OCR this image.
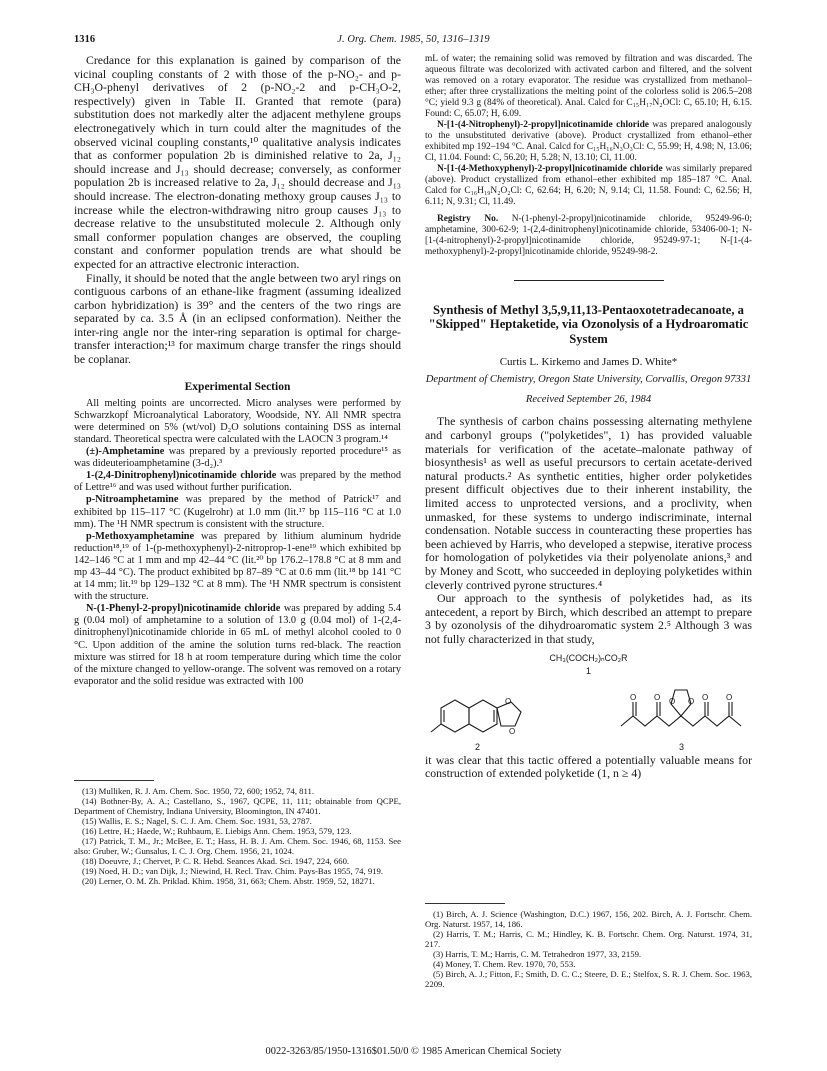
1316	J. Org. Chem. 1985, 50, 1316–1319

Credance for this explanation is gained by comparison of the vicinal coupling constants of 2 with those of the p-NO₂- and p-CH₃O-phenyl derivatives of 2 (p-NO₂-2 and p-CH₃O-2, respectively) given in Table II. Granted that remote (para) substitution does not markedly alter the adjacent methylene groups electronegatively which in turn could alter the magnitudes of the observed vicinal coupling constants,¹⁰ qualitative analysis indicates that as conformer population 2b is diminished relative to 2a, J₁₂ should increase and J₁₃ should decrease; conversely, as conformer population 2b is increased relative to 2a, J₁₂ should decrease and J₁₃ should increase. The electron-donating methoxy group causes J₁₃ to increase while the electron-withdrawing nitro group causes J₁₃ to decrease relative to the unsubstituted molecule 2. Although only small conformer population changes are observed, the coupling constant and conformer population trends are what should be expected for an attractive electronic interaction.

Finally, it should be noted that the angle between two aryl rings on contiguous carbons of an ethane-like fragment (assuming idealized carbon hybridization) is 39° and the centers of the two rings are separated by ca. 3.5 Å (in an eclipsed conformation). Neither the inter-ring angle nor the inter-ring separation is optimal for charge-transfer interaction;¹³ for maximum charge transfer the rings should be coplanar.

Experimental Section

All melting points are uncorrected. Micro analyses were performed by Schwarzkopf Microanalytical Laboratory, Woodside, NY. All NMR spectra were determined on 5% (wt/vol) D₂O solutions containing DSS as internal standard. Theoretical spectra were calculated with the LAOCN 3 program.¹⁴

(±)-Amphetamine was prepared by a previously reported procedure¹⁵ as was dideuterioamphetamine (3-d₂).³

1-(2,4-Dinitrophenyl)nicotinamide chloride was prepared by the method of Lettre¹⁶ and was used without further purification.

p-Nitroamphetamine was prepared by the method of Patrick¹⁷ and exhibited bp 115–117 °C (Kugelrohr) at 1.0 mm (lit.¹⁷ bp 115–116 °C at 1.0 mm). The ¹H NMR spectrum is consistent with the structure.

p-Methoxyamphetamine was prepared by lithium aluminum hydride reduction¹⁸,¹⁹ of 1-(p-methoxyphenyl)-2-nitroprop-1-ene¹⁹ which exhibited bp 142–146 °C at 1 mm and mp 42–44 °C (lit.²⁰ bp 176.2–178.8 °C at 8 mm and mp 43–44 °C). The product exhibited bp 87–89 °C at 0.6 mm (lit.¹⁸ bp 141 °C at 14 mm; lit.¹⁹ bp 129–132 °C at 8 mm). The ¹H NMR spectrum is consistent with the structure.

N-(1-Phenyl-2-propyl)nicotinamide chloride was prepared by adding 5.4 g (0.04 mol) of amphetamine to a solution of 13.0 g (0.04 mol) of 1-(2,4-dinitrophenyl)nicotinamide chloride in 65 mL of methyl alcohol cooled to 0 °C. Upon addition of the amine the solution turns red-black. The reaction mixture was stirred for 18 h at room temperature during which time the color of the mixture changed to yellow-orange. The solvent was removed on a rotary evaporator and the solid residue was extracted with 100

(13) Mulliken, R. J. Am. Chem. Soc. 1950, 72, 600; 1952, 74, 811.

(14) Bothner-By, A. A.; Castellano, S., 1967, QCPE, 11, 111; obtainable from QCPE, Department of Chemistry, Indiana University, Bloomington, IN 47401.

(15) Wallis, E. S.; Nagel, S. C. J. Am. Chem. Soc. 1931, 53, 2787.

(16) Lettre, H.; Haede, W.; Ruhbaum, E. Liebigs Ann. Chem. 1953, 579, 123.

(17) Patrick, T. M., Jr.; McBee, E. T.; Hass, H. B. J. Am. Chem. Soc. 1946, 68, 1153. See also: Gruber, W.; Gunsalus, I. C. J. Org. Chem. 1956, 21, 1024.

(18) Doeuvre, J.; Chervet, P. C. R. Hebd. Seances Akad. Sci. 1947, 224, 660.

(19) Noed, H. D.; van Dijk, J.; Niewind, H. Recl. Trav. Chim. Pays-Bas 1955, 74, 919.

(20) Lerner, O. M. Zh. Priklad. Khim. 1958, 31, 663; Chem. Abstr. 1959, 52, 18271.

mL of water; the remaining solid was removed by filtration and was discarded. The aqueous filtrate was decolorized with activated carbon and filtered, and the solvent was removed on a rotary evaporator. The residue was crystallized from methanol–ether; after three crystallizations the melting point of the colorless solid is 206.5–208 °C; yield 9.3 g (84% of theoretical). Anal. Calcd for C₁₅H₁₇N₂OCl: C, 65.10; H, 6.15. Found: C, 65.07; H, 6.09.

N-[1-(4-Nitrophenyl)-2-propyl]nicotinamide chloride was prepared analogously to the unsubstituted derivative (above). Product crystallized from ethanol–ether exhibited mp 192–194 °C. Anal. Calcd for C₁₅H₁₆N₃O₃Cl: C, 55.99; H, 4.98; N, 13.06; Cl, 11.04. Found: C, 56.20; H, 5.28; N, 13.10; Cl, 11.00.

N-[1-(4-Methoxyphenyl)-2-propyl]nicotinamide chloride was similarly prepared (above). Product crystallized from ethanol–ether exhibited mp 185–187 °C. Anal. Calcd for C₁₆H₁₉N₂O₂Cl: C, 62.64; H, 6.20; N, 9.14; Cl, 11.58. Found: C, 62.56; H, 6.11; N, 9.31; Cl, 11.49.

Registry No. N-(1-phenyl-2-propyl)nicotinamide chloride, 95249-96-0; amphetamine, 300-62-9; 1-(2,4-dinitrophenyl)nicotinamide chloride, 53406-00-1; N-[1-(4-nitrophenyl)-2-propyl]nicotinamide chloride, 95249-97-1; N-[1-(4-methoxyphenyl)-2-propyl]nicotinamide chloride, 95249-98-2.

Synthesis of Methyl 3,5,9,11,13-Pentaoxotetradecanoate, a "Skipped" Heptaketide, via Ozonolysis of a Hydroaromatic System
Curtis L. Kirkemo and James D. White*
Department of Chemistry, Oregon State University, Corvallis, Oregon 97331
Received September 26, 1984

The synthesis of carbon chains possessing alternating methylene and carbonyl groups ("polyketides", 1) has provided valuable materials for verification of the acetate–malonate pathway of biosynthesis¹ as well as useful precursors to certain acetate-derived natural products.² As synthetic entities, higher order polyketides present difficult objectives due to their inherent instability, the limited access to unprotected versions, and a proclivity, when unmasked, for these systems to undergo indiscriminate, internal condensation. Notable success in counteracting these properties has been achieved by Harris, who developed a stepwise, iterative process for homologation of polyketides via their polyenolate anions,³ and by Money and Scott, who succeeded in deploying polyketides within cleverly contrived pyrone structures.⁴

Our approach to the synthesis of polyketides had, as its antecedent, a report by Birch, which described an attempt to prepare 3 by ozonolysis of the dihydroaromatic system 2.⁵ Although 3 was not fully characterized in that study,

CH₃(COCH₂)ₙCO₂R
1
O
O
O O O O O O
2	3

it was clear that this tactic offered a potentially valuable means for construction of extended polyketide (1, n ≥ 4)

(1) Birch, A. J. Science (Washington, D.C.) 1967, 156, 202. Birch, A. J. Fortschr. Chem. Org. Naturst. 1957, 14, 186.

(2) Harris, T. M.; Harris, C. M.; Hindley, K. B. Fortschr. Chem. Org. Naturst. 1974, 31, 217.

(3) Harris, T. M.; Harris, C. M. Tetrahedron 1977, 33, 2159.

(4) Money, T. Chem. Rev. 1970, 70, 553.

(5) Birch, A. J.; Fitton, F.; Smith, D. C. C.; Steere, D. E.; Stelfox, S. R. J. Chem. Soc. 1963, 2209.

0022-3263/85/1950-1316$01.50/0 © 1985 American Chemical Society
